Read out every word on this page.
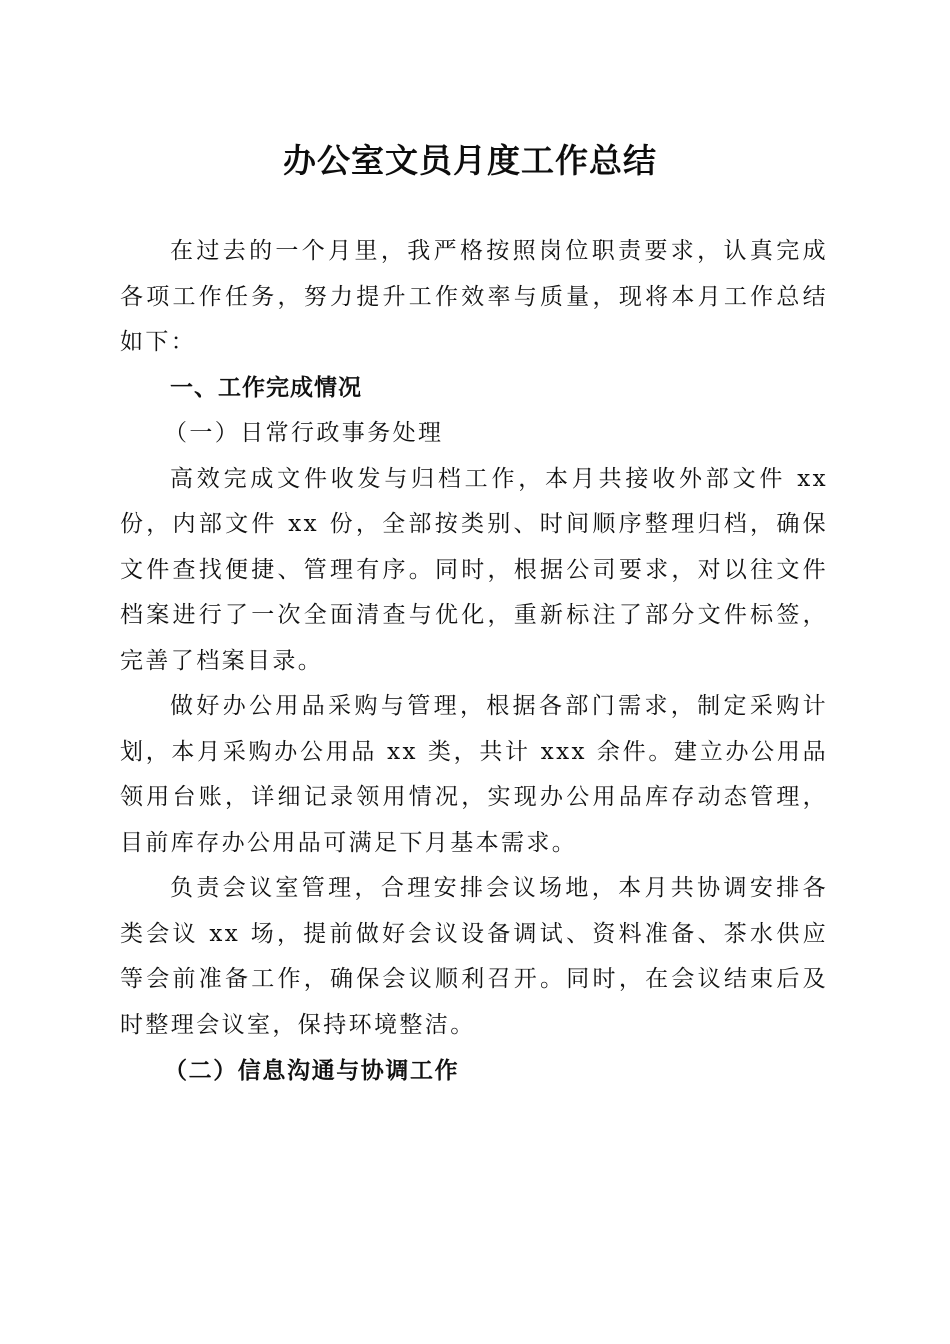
办公室文员月度工作总结

在过去的一个月里，我严格按照岗位职责要求，认真完成各项工作任务，努力提升工作效率与质量，现将本月工作总结如下：

一、工作完成情况

（一）日常行政事务处理

高效完成文件收发与归档工作，本月共接收外部文件 xx 份，内部文件 xx 份，全部按类别、时间顺序整理归档，确保文件查找便捷、管理有序。同时，根据公司要求，对以往文件档案进行了一次全面清查与优化，重新标注了部分文件标签，完善了档案目录。

做好办公用品采购与管理，根据各部门需求，制定采购计划，本月采购办公用品 xx 类，共计 xxx 余件。建立办公用品领用台账，详细记录领用情况，实现办公用品库存动态管理，目前库存办公用品可满足下月基本需求。

负责会议室管理，合理安排会议场地，本月共协调安排各类会议 xx 场，提前做好会议设备调试、资料准备、茶水供应等会前准备工作，确保会议顺利召开。同时，在会议结束后及时整理会议室，保持环境整洁。

（二）信息沟通与协调工作
